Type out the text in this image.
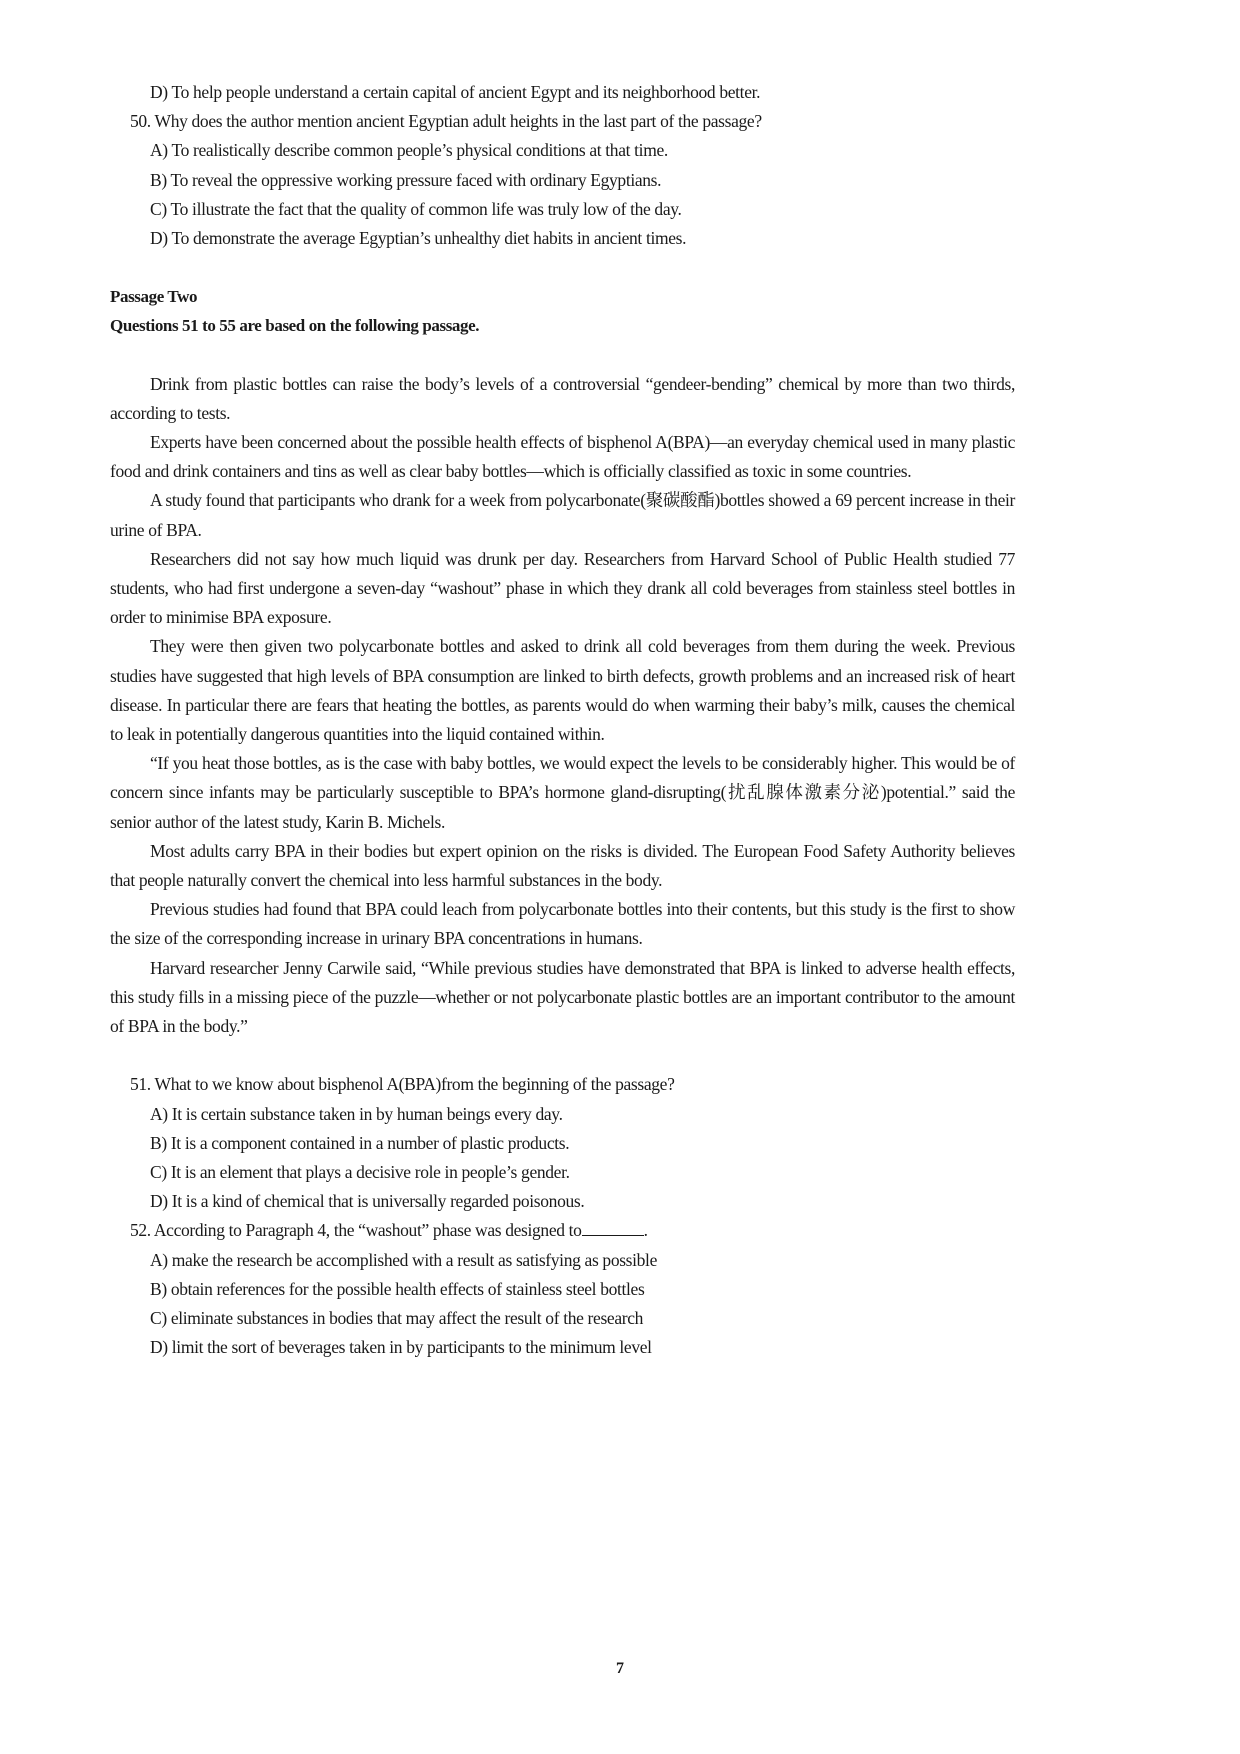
D) To help people understand a certain capital of ancient Egypt and its neighborhood better.
50. Why does the author mention ancient Egyptian adult heights in the last part of the passage?
A) To realistically describe common people’s physical conditions at that time.
B) To reveal the oppressive working pressure faced with ordinary Egyptians.
C) To illustrate the fact that the quality of common life was truly low of the day.
D) To demonstrate the average Egyptian’s unhealthy diet habits in ancient times.
Passage Two
Questions 51 to 55 are based on the following passage.

Drink from plastic bottles can raise the body’s levels of a controversial “gendeer-bending” chemical by more than two thirds, according to tests.

Experts have been concerned about the possible health effects of bisphenol A(BPA)—an everyday chemical used in many plastic food and drink containers and tins as well as clear baby bottles—which is officially classified as toxic in some countries.

A study found that participants who drank for a week from polycarbonate(聚碳酸酯)bottles showed a 69 percent increase in their urine of BPA.

Researchers did not say how much liquid was drunk per day. Researchers from Harvard School of Public Health studied 77 students, who had first undergone a seven-day “washout” phase in which they drank all cold beverages from stainless steel bottles in order to minimise BPA exposure.

They were then given two polycarbonate bottles and asked to drink all cold beverages from them during the week. Previous studies have suggested that high levels of BPA consumption are linked to birth defects, growth problems and an increased risk of heart disease. In particular there are fears that heating the bottles, as parents would do when warming their baby’s milk, causes the chemical to leak in potentially dangerous quantities into the liquid contained within.

“If you heat those bottles, as is the case with baby bottles, we would expect the levels to be considerably higher. This would be of concern since infants may be particularly susceptible to BPA’s hormone gland-disrupting(扰乱腺体激素分泌)potential.” said the senior author of the latest study, Karin B. Michels.

Most adults carry BPA in their bodies but expert opinion on the risks is divided. The European Food Safety Authority believes that people naturally convert the chemical into less harmful substances in the body.

Previous studies had found that BPA could leach from polycarbonate bottles into their contents, but this study is the first to show the size of the corresponding increase in urinary BPA concentrations in humans.

Harvard researcher Jenny Carwile said, “While previous studies have demonstrated that BPA is linked to adverse health effects, this study fills in a missing piece of the puzzle—whether or not polycarbonate plastic bottles are an important contributor to the amount of BPA in the body.”

51. What to we know about bisphenol A(BPA)from the beginning of the passage?
A) It is certain substance taken in by human beings every day.
B) It is a component contained in a number of plastic products.
C) It is an element that plays a decisive role in people’s gender.
D) It is a kind of chemical that is universally regarded poisonous.
52. According to Paragraph 4, the “washout” phase was designed to	.
A) make the research be accomplished with a result as satisfying as possible
B) obtain references for the possible health effects of stainless steel bottles
C) eliminate substances in bodies that may affect the result of the research
D) limit the sort of beverages taken in by participants to the minimum level
7
